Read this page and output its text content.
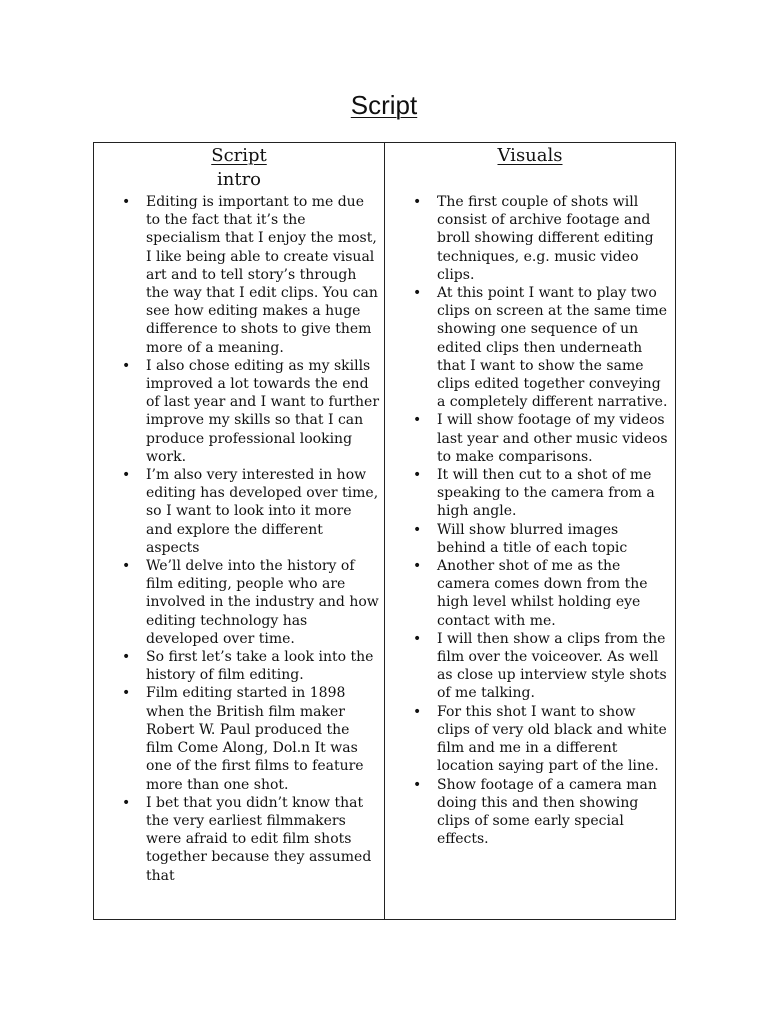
Script
Script
intro
• Editing is important to me due to the fact that it’s the specialism that I enjoy the most, I like being able to create visual art and to tell story’s through the way that I edit clips. You can see how editing makes a huge difference to shots to give them more of a meaning.
• I also chose editing as my skills improved a lot towards the end of last year and I want to further improve my skills so that I can produce professional looking work.
• I’m also very interested in how editing has developed over time, so I want to look into it more and explore the different aspects
• We’ll delve into the history of film editing, people who are involved in the industry and how editing technology has developed over time.
• So first let’s take a look into the history of film editing.
• Film editing started in 1898 when the British film maker Robert W. Paul produced the film Come Along, Dol.n It was one of the first films to feature more than one shot.
• I bet that you didn’t know that the very earliest filmmakers were afraid to edit film shots together because they assumed that
Visuals
• The first couple of shots will consist of archive footage and broll showing different editing techniques, e.g. music video clips.
• At this point I want to play two clips on screen at the same time showing one sequence of un edited clips then underneath that I want to show the same clips edited together conveying a completely different narrative.
• I will show footage of my videos last year and other music videos to make comparisons.
• It will then cut to a shot of me speaking to the camera from a high angle.
• Will show blurred images behind a title of each topic
• Another shot of me as the camera comes down from the high level whilst holding eye contact with me.
• I will then show a clips from the film over the voiceover. As well as close up interview style shots of me talking.
• For this shot I want to show clips of very old black and white film and me in a different location saying part of the line.
• Show footage of a camera man doing this and then showing clips of some early special effects.
